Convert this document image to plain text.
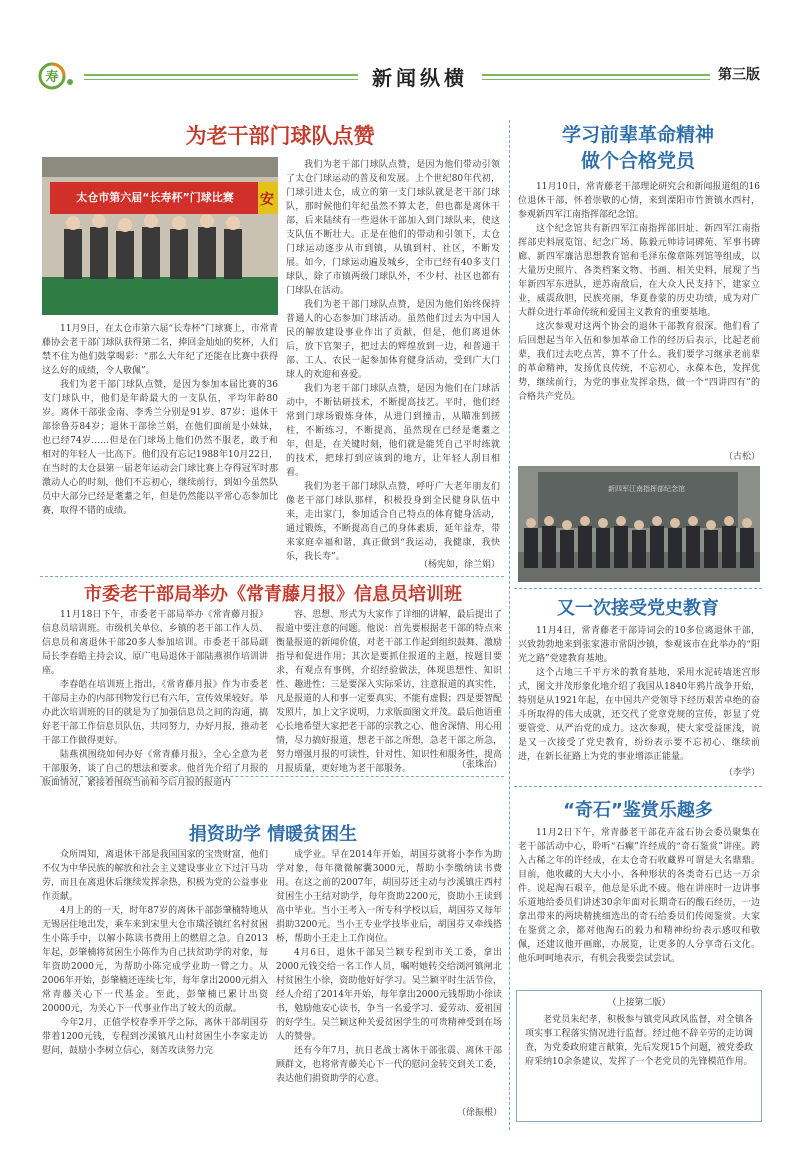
寿	新闻纵横	第三版
为老干部门球队点赞
太仓市第六届“长寿杯”门球比赛	安

11月9日，在太仓市第六届“长寿杯”门球赛上，市常青藤协会老干部门球队获得第二名，捧回金灿灿的奖杯，人们禁不住为他们鼓掌喝彩：“那么大年纪了还能在比赛中获得这么好的成绩，令人敬佩”。

我们为老干部门球队点赞，是因为参加本届比赛的36支门球队中，他们是年龄最大的一支队伍，平均年龄80岁。离休干部张金南、李秀兰分别是91岁、87岁；退休干部徐鲁芬84岁；退休干部徐兰娟，在他们面前是小妹妹，也已经74岁……但是在门球场上他们仍然不服老，敢于和相对的年轻人一比高下。他们没有忘记1988年10月22日，在当时的太仓县第一届老年运动会门球比赛上夺得冠军时那激动人心的时刻，他们不忘初心，继续前行，到如今虽然队员中大部分已经是耄耋之年，但是仍然能以平常心态参加比赛，取得不错的成绩。

我们为老干部门球队点赞，是因为他们带动引领了太仓门球运动的普及和发展。上个世纪80年代初，门球引进太仓，成立的第一支门球队就是老干部门球队，那时候他们年纪虽然不算太老，但也都是离休干部，后来陆续有一些退休干部加入到门球队来，使这支队伍不断壮大。正是在他们的带动和引领下，太仓门球运动逐步从市到镇，从镇到村、社区，不断发展。如今，门球运动遍及城乡，全市已经有40多支门球队，除了市镇两级门球队外，不少村、社区也都有门球队在活动。

我们为老干部门球队点赞，是因为他们始终保持普通人的心态参加门球活动。虽然他们过去为中国人民的解放建设事业作出了贡献，但是，他们离退休后，放下官架子，把过去的辉煌放到一边，和普通干部、工人、农民一起参加体育健身活动，受到广大门球人的欢迎和喜爱。

我们为老干部门球队点赞，是因为他们在门球活动中，不断钻研技术，不断提高技艺。平时，他们经常到门球场锻炼身体，从进门到撞击，从瞄准到搓柱，不断练习，不断提高，虽然现在已经是耄耋之年，但是，在关键时刻，他们就是能凭自己平时练就的技术，把球打到应该到的地方，让年轻人刮目相看。

我们为老干部门球队点赞，呼吁广大老年朋友们像老干部门球队那样，积极投身到全民健身队伍中来，走出家门，参加适合自己特点的体育健身活动，通过锻炼，不断提高自己的身体素质，延年益寿，带来家庭幸福和谐，真正做到“我运动，我健康，我快乐，我长寿”。

（杨宪如，徐兰娟）
市委老干部局举办《常青藤月报》信息员培训班

11月18日下午，市委老干部局举办《常青藤月报》信息员培训班。市级机关单位、乡镇的老干部工作人员、信息员和离退休干部20多人参加培训。市委老干部局副局长李春皓主持会议，原广电局退休干部陆燕祺作培训讲座。

李春皓在培训班上指出，《常青藤月报》作为市委老干部局主办的内部刊物发行已有六年，宣传效果较好。举办此次培训班的目的就是为了加强信息员之间的沟通，搞好老干部工作信息员队伍，共同努力，办好月报，推动老干部工作做得更好。

陆燕祺围绕如何办好《常青藤月报》，全心全意为老干部服务，谈了自己的想法和要求。他首先介绍了月报的版面情况，紧接着围绕当前和今后月报的报道内

容、思想、形式为大家作了详细的讲解，最后提出了报道中要注意的问题。他说：首先要根据老干部的特点来衡量报道的新闻价值，对老干部工作起到组织鼓舞、激励指导和促进作用；其次是要抓住报道的主题，按题目要求，有观点有事例，介绍经验做法，体现思想性、知识性、趣进性；三是要深入实际采访，注意报道的真实性，凡是报道的人和事一定要真实，不能有虚假；四是要智配发照片，加上文字说明，力求版面图文并茂。最后他语重心长地希望大家把老干部的宗教之心、他舍深情、用心用情，尽力搞好报道，想老干部之所想，急老干部之所急，努力增强月报的可读性，针对性、知识性和服务性，提高月报质量，更好地为老干部服务。	（张珠治）
捐资助学 情暖贫困生

众所周知，离退休干部是我国国家的宝贵财富，他们不仅为中华民族的解放和社会主义建设事业立下过汗马功劳，而且在离退休后继续发挥余热，积极为党的公益事业作贡献。

4月上的的一天，时年87岁的离休干部彭肇楠特地从无锡居住地出发，乘车来到宋里大仓市璜泾镇红名村贫困生小陈手中，以解小陈读书费用上的燃眉之急。自2013年起，彭肇楠将贫困生小陈作为自己扶贫助学的对象，每年资助2000元，为帮助小陈完成学业助一臂之力。从2006年开始，彭肇楠还连续七年，每年拿出2000元捐入常青藤关心下一代基金。至此，彭肇楠已累计出资20000元，为关心下一代事业作出了较大的贡献。

今年2月，正值学校春季开学之际，离休干部胡国芬带着1200元钱，专程到沙溪镇凡山村贫困生小李家走访慰问，鼓励小李树立信心，刻苦攻读努力完

成学业。早在2014年开始，胡国芬就将小李作为助学对象，每年微微解囊3000元，帮助小李缴纳读书费用。在这之前的2007年，胡国芬还主动与沙溪镇庄西村贫困生小王结对助学，每年资助2200元，资助小王读到高中毕业。当小王考入一所专科学校以后，胡国芬又每年捐助3200元。当小王专业学技毕业后，胡国芬又牵线搭桥，帮助小王走上工作岗位。

4月6日，退休干部吴兰颖专程到市关工委，拿出2000元钱交给一名工作人员，嘱咐她转交给浏河镇闸北村贫困生小徐，资助他好好学习。吴兰颖平时生活节俭，经人介绍了2014年开始，每年拿出2000元钱帮助小徐读书，勉励他安心读书，争当一名爱学习、爱劳动、爱祖国的好学生。吴兰颖这种关爱贫困学生的可贵精神受到在场人的赞誉。

还有今年7月，抗日老战士离休干部张震、离休干部顾群文，也将常青藤关心下一代的慰问金转交到关工委，表达他们捐资助学的心意。

（徐振根）
学习前辈革命精神
做个合格党员

11月10日，常青藤老干部理论研究会和新闻报道组的16位退休干部，怀着崇敬的心情，来到溧阳市竹箦镇水西村，参观新四军江南指挥部纪念馆。

这个纪念馆共有新四军江南指挥部旧址、新四军江南指挥部史料展览馆、纪念广场、陈毅元帅诗词碑苑、军事书碑廊、新四军廉洁思想教育馆和毛泽东像章陈列馆等组成，以大量历史照片、各类档案文物、书画、相关史料，展现了当年新四军东进队，逆苏南敌后，在大众人民支持下，建家立业，威震敌胆，民族亮丽，华夏眷蒙的历史功绩，成为对广大群众进行革命传统和爱国主义教育的重要基地。

这次参观对这两个协会的退休干部教育很深。他们看了后回想起当年入伍和参加革命工作的经历后表示，比起老前辈，我们过去吃点苦，算不了什么。我们要学习继承老前辈的革命精神，发扬优良传统，不忘初心，永葆本色，发挥优势，继续前行，为党的事业发挥余热，做一个“四讲四有”的合格共产党员。

（古松）
新四军江南指挥部纪念馆
又一次接受党史教育

11月4日，常青藤老干部诗词会的10多位离退休干部，兴致勃勃地来到张家港市常阴沙镇，参观该市在此举办的“阳光之路”党建教育基地。

这个占地三千平方米的教育基地，采用水泥砖墙迷宫形式，图文并茂形象化地介绍了我国从1840年鸦片战争开始，特别是从1921年起，在中国共产党领导下经历艰苦卓绝的奋斗所取得的伟大成就，还交代了党章党规的宣传，彰显了党要管党、从严治党的成力。这次参观，使大家受益匪浅，说是又一次接受了党史教育，纷纷表示要不忘初心、继续前进，在新长征路上为党的事业增添正能量。

（李学）
“奇石”鉴赏乐趣多

11月2日下午，常青藤老干部花卉盆石协会委员聚集在老干部活动中心，聆听“石癫”许经成的“奇石鉴赏”讲座。跨入古稀之年的许经成，在太仓奇石收藏界可谓是大名鼎鼎。目前，他收藏的大大小小、各种形状的各类奇石已达一万余件。说起淘石艰辛，他总是乐此不疲。他在讲座时一边讲事乐道地给委员们讲述30余年面对长期奇石的酸石经历，一边拿出带来的两块精挑细选出的奇石给委员们传阅鉴赏。大家在鉴赏之余，都对他淘石的毅力和精神纷纷表示感叹和敬佩，还建议他开画廊，办展览，让更多的人分享奇石文化。他乐呵呵地表示，有机会我要尝试尝试。

（上接第二版）

老党员朱纪孝，积极参与镇党风政风监督，对全镇各项实事工程落实情况进行监督。经过他不辞辛劳的走访调查，为党委政府建言献策，先后发现15个问题，被党委政府采纳10余条建议，发挥了一个老党员的先锋模范作用。
